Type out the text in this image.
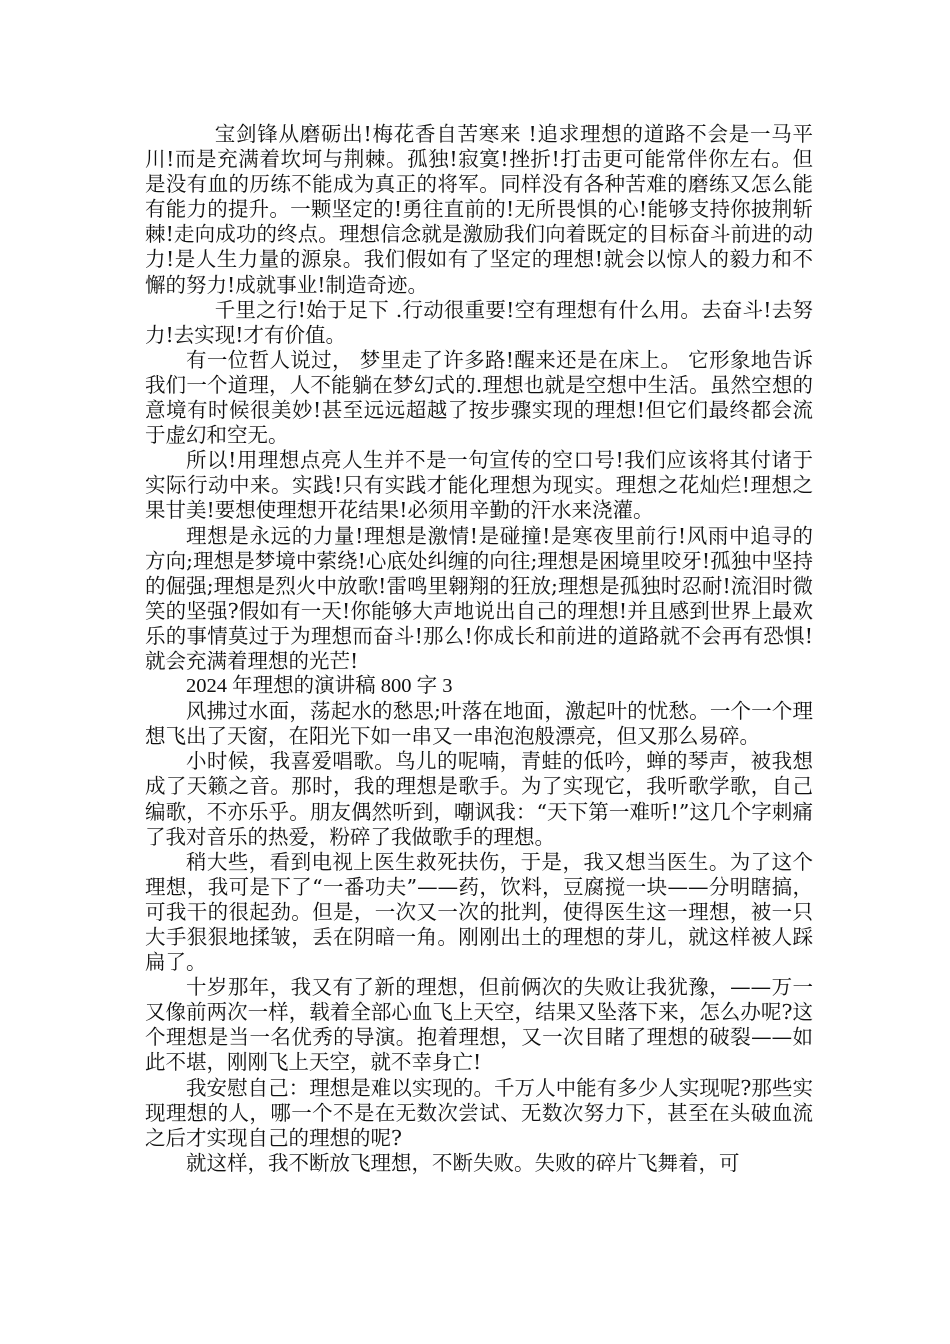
宝剑锋从磨砺出!梅花香自苦寒来 !追求理想的道路不会是一马平川!而是充满着坎坷与荆棘。孤独!寂寞!挫折!打击更可能常伴你左右。但是没有血的历练不能成为真正的将军。同样没有各种苦难的磨练又怎么能有能力的提升。一颗坚定的!勇往直前的!无所畏惧的心!能够支持你披荆斩棘!走向成功的终点。理想信念就是激励我们向着既定的目标奋斗前进的动力!是人生力量的源泉。我们假如有了坚定的理想!就会以惊人的毅力和不懈的努力!成就事业!制造奇迹。

千里之行!始于足下 .行动很重要!空有理想有什么用。去奋斗!去努力!去实现!才有价值。

有一位哲人说过， 梦里走了许多路!醒来还是在床上。 它形象地告诉我们一个道理，人不能躺在梦幻式的.理想也就是空想中生活。虽然空想的意境有时候很美妙!甚至远远超越了按步骤实现的理想!但它们最终都会流于虚幻和空无。

所以!用理想点亮人生并不是一句宣传的空口号!我们应该将其付诸于实际行动中来。实践!只有实践才能化理想为现实。理想之花灿烂!理想之果甘美!要想使理想开花结果!必须用辛勤的汗水来浇灌。

理想是永远的力量!理想是激情!是碰撞!是寒夜里前行!风雨中追寻的方向;理想是梦境中萦绕!心底处纠缠的向往;理想是困境里咬牙!孤独中坚持的倔强;理想是烈火中放歌!雷鸣里翱翔的狂放;理想是孤独时忍耐!流泪时微笑的坚强?假如有一天!你能够大声地说出自己的理想!并且感到世界上最欢乐的事情莫过于为理想而奋斗!那么!你成长和前进的道路就不会再有恐惧!就会充满着理想的光芒!

2024 年理想的演讲稿 800 字 3

风拂过水面，荡起水的愁思;叶落在地面，激起叶的忧愁。一个一个理想飞出了天窗，在阳光下如一串又一串泡泡般漂亮，但又那么易碎。

小时候，我喜爱唱歌。鸟儿的呢喃，青蛙的低吟，蝉的琴声，被我想成了天籁之音。那时，我的理想是歌手。为了实现它，我听歌学歌，自己编歌，不亦乐乎。朋友偶然听到，嘲讽我：“天下第一难听!”这几个字刺痛了我对音乐的热爱，粉碎了我做歌手的理想。

稍大些，看到电视上医生救死扶伤，于是，我又想当医生。为了这个理想，我可是下了“一番功夫”——药，饮料，豆腐搅一块——分明瞎搞，可我干的很起劲。但是，一次又一次的批判，使得医生这一理想，被一只大手狠狠地揉皱，丢在阴暗一角。刚刚出土的理想的芽儿，就这样被人踩扁了。

十岁那年，我又有了新的理想，但前俩次的失败让我犹豫，——万一又像前两次一样，载着全部心血飞上天空，结果又坠落下来，怎么办呢?这个理想是当一名优秀的导演。抱着理想，又一次目睹了理想的破裂——如此不堪，刚刚飞上天空，就不幸身亡!

我安慰自己：理想是难以实现的。千万人中能有多少人实现呢?那些实现理想的人，哪一个不是在无数次尝试、无数次努力下，甚至在头破血流之后才实现自己的理想的呢?

就这样，我不断放飞理想，不断失败。失败的碎片飞舞着，可
